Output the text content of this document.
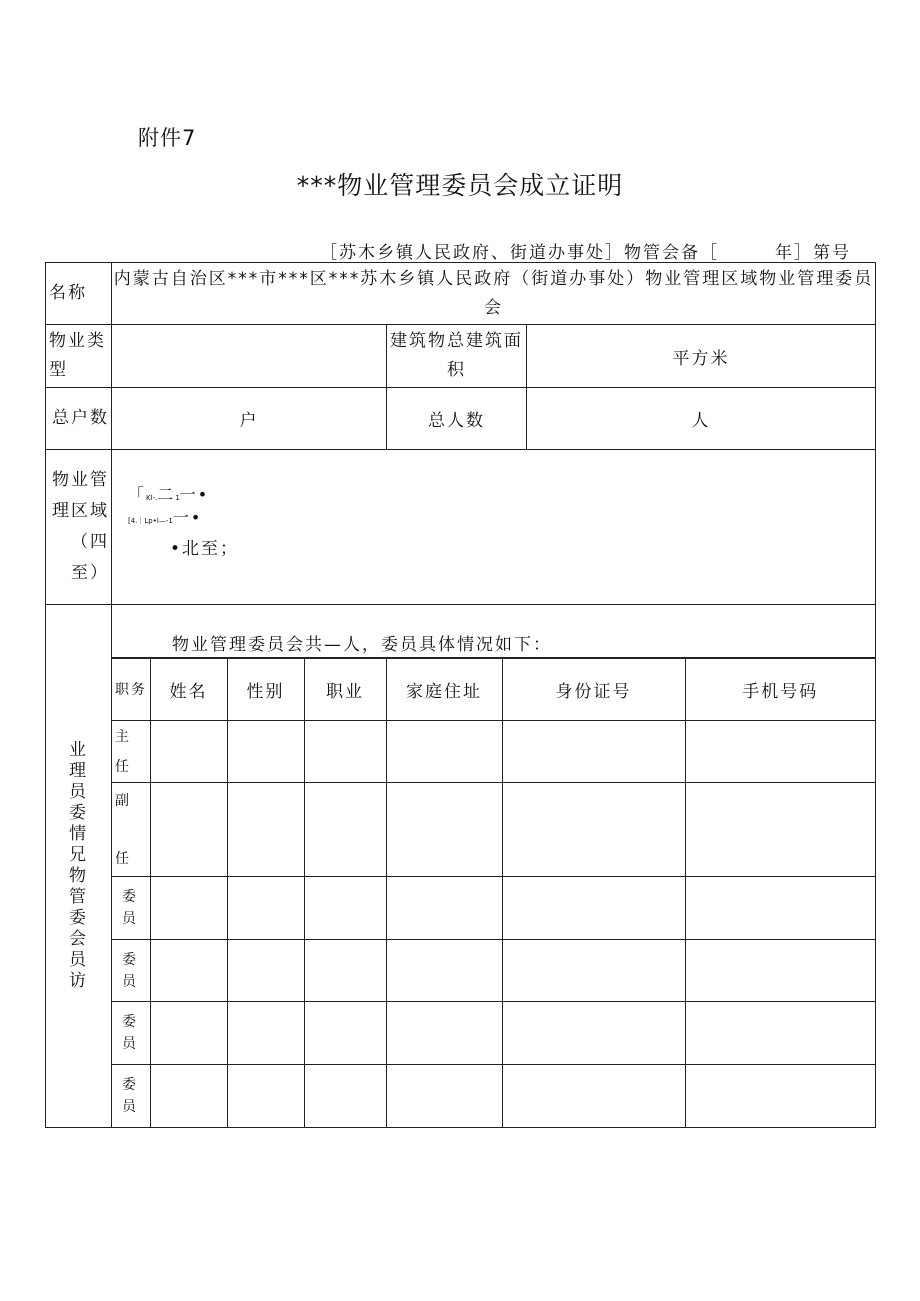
附件7
***物业管理委员会成立证明
［苏木乡镇人民政府、街道办事处］物管会备［	年］第号
名称	内蒙古自治区***市***区***苏木乡镇人民政府（街道办事处）物业管理区域物业管理委员会
物业类型		建筑物总建筑面积	平方米
总户数	户	总人数	人
物业管理区域（四至）	
「Kl-.二1一•
[4.｜Lp•l—-1一•
•北至；

业
理
员
委
情
兄
物
管
委
会
员
访
	物业管理委员会共—人，委员具体情况如下：

职务	姓名	性别	职业	家庭住址	身份证号	手机号码

主
任

副
任

委
员

委
员

委
员

委
员
